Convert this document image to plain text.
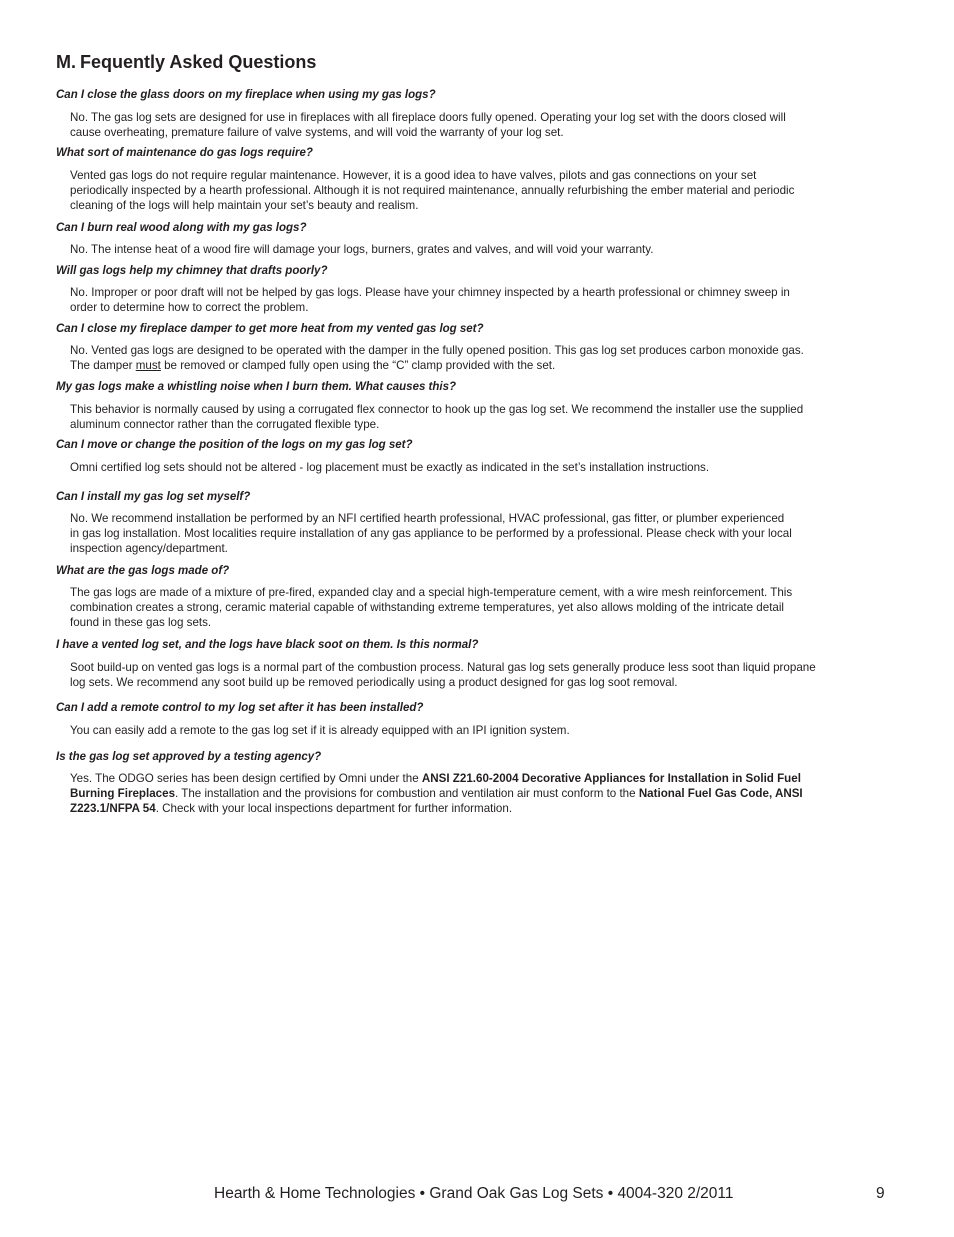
M. Fequently Asked Questions

Can I close the glass doors on my fireplace when using my gas logs?

No. The gas log sets are designed for use in fireplaces with all fireplace doors fully opened. Operating your log set with the doors closed will
cause overheating, premature failure of valve systems, and will void the warranty of your log set.

What sort of maintenance do gas logs require?

Vented gas logs do not require regular maintenance. However, it is a good idea to have valves, pilots and gas connections on your set
periodically inspected by a hearth professional. Although it is not required maintenance, annually refurbishing the ember material and periodic
cleaning of the logs will help maintain your set’s beauty and realism.

Can I burn real wood along with my gas logs?

No. The intense heat of a wood fire will damage your logs, burners, grates and valves, and will void your warranty.

Will gas logs help my chimney that drafts poorly?

No. Improper or poor draft will not be helped by gas logs. Please have your chimney inspected by a hearth professional or chimney sweep in
order to determine how to correct the problem.

Can I close my fireplace damper to get more heat from my vented gas log set?

No. Vented gas logs are designed to be operated with the damper in the fully opened position. This gas log set produces carbon monoxide gas.
The damper must be removed or clamped fully open using the “C” clamp provided with the set.

My gas logs make a whistling noise when I burn them. What causes this?

This behavior is normally caused by using a corrugated flex connector to hook up the gas log set. We recommend the installer use the supplied
aluminum connector rather than the corrugated flexible type.

Can I move or change the position of the logs on my gas log set?

Omni certified log sets should not be altered - log placement must be exactly as indicated in the set’s installation instructions.

Can I install my gas log set myself?

No. We recommend installation be performed by an NFI certified hearth professional, HVAC professional, gas fitter, or plumber experienced
in gas log installation. Most localities require installation of any gas appliance to be performed by a professional. Please check with your local
inspection agency/department.

What are the gas logs made of?

The gas logs are made of a mixture of pre-fired, expanded clay and a special high-temperature cement, with a wire mesh reinforcement. This
combination creates a strong, ceramic material capable of withstanding extreme temperatures, yet also allows molding of the intricate detail
found in these gas log sets.

I have a vented log set, and the logs have black soot on them. Is this normal?

Soot build-up on vented gas logs is a normal part of the combustion process. Natural gas log sets generally produce less soot than liquid propane
log sets. We recommend any soot build up be removed periodically using a product designed for gas log soot removal.

Can I add a remote control to my log set after it has been installed?

You can easily add a remote to the gas log set if it is already equipped with an IPI ignition system.

Is the gas log set approved by a testing agency?

Yes. The ODGO series has been design certified by Omni under the ANSI Z21.60-2004 Decorative Appliances for Installation in Solid Fuel
Burning Fireplaces. The installation and the provisions for combustion and ventilation air must conform to the National Fuel Gas Code, ANSI
Z223.1/NFPA 54. Check with your local inspections department for further information.

Hearth & Home Technologies • Grand Oak Gas Log Sets • 4004-320 2/2011	9
